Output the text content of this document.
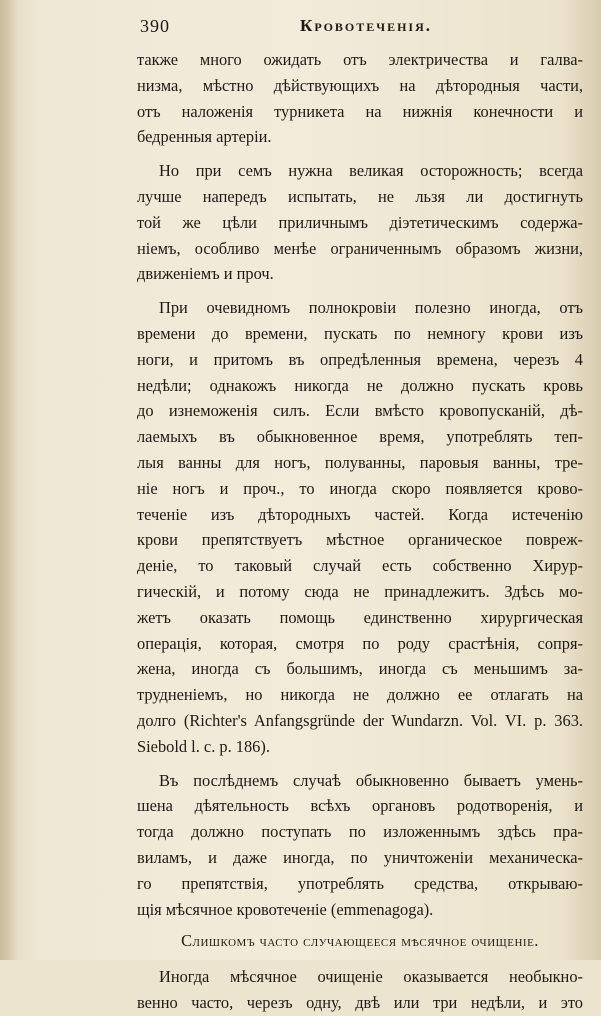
390	Кровотеченія.
также много ожидать отъ электричества и галва-
низма, мѣстно дѣйствующихъ на дѣтородныя части,
отъ наложенія турникета на нижнія конечности и
бедренныя артеріи.
Но при семъ нужна великая осторожность; всегда
лучше напередъ испытать, не льзя ли достигнуть
той же цѣли приличнымъ діэтетическимъ содержа-
ніемъ, особливо менѣе ограниченнымъ образомъ жизни,
движеніемъ и проч.
При очевидномъ полнокровіи полезно иногда, отъ
времени до времени, пускать по немногу крови изъ
ноги, и притомъ въ опредѣленныя времена, черезъ 4
недѣли; однакожъ никогда не должно пускать кровь
до изнеможенія силъ. Если вмѣсто кровопусканій, дѣ-
лаемыхъ въ обыкновенное время, употреблять теп-
лыя ванны для ногъ, полуванны, паровыя ванны, тре-
ніе ногъ и проч., то иногда скоро появляется крово-
теченіе изъ дѣтородныхъ частей. Когда истеченію
крови препятствуетъ мѣстное органическое повреж-
деніе, то таковый случай есть собственно Хирур-
гическій, и потому сюда не принадлежитъ. Здѣсь мо-
жетъ оказать помощь единственно хирургическая
операція, которая, смотря по роду срастѣнія, сопря-
жена, иногда съ большимъ, иногда съ меньшимъ за-
трудненіемъ, но никогда не должно ее отлагать на
долго (Richter's Anfangsgründe der Wundarzn. Vol. VI. p. 363.
Siebold l. c. p. 186).
Въ послѣднемъ случаѣ обыкновенно бываетъ умень-
шена дѣятельность всѣхъ органовъ родотворенія, и
тогда должно поступать по изложеннымъ здѣсь пра-
виламъ, и даже иногда, по уничтоженіи механическа-
го препятствія, употреблять средства, открываю-
щія мѣсячное кровотеченіе (emmenagoga).
Слишкомъ часто случающееся мѣсячное очищеніе.
Иногда мѣсячное очищеніе оказывается необыкно-
венно часто, черезъ одну, двѣ или три недѣли, и это
